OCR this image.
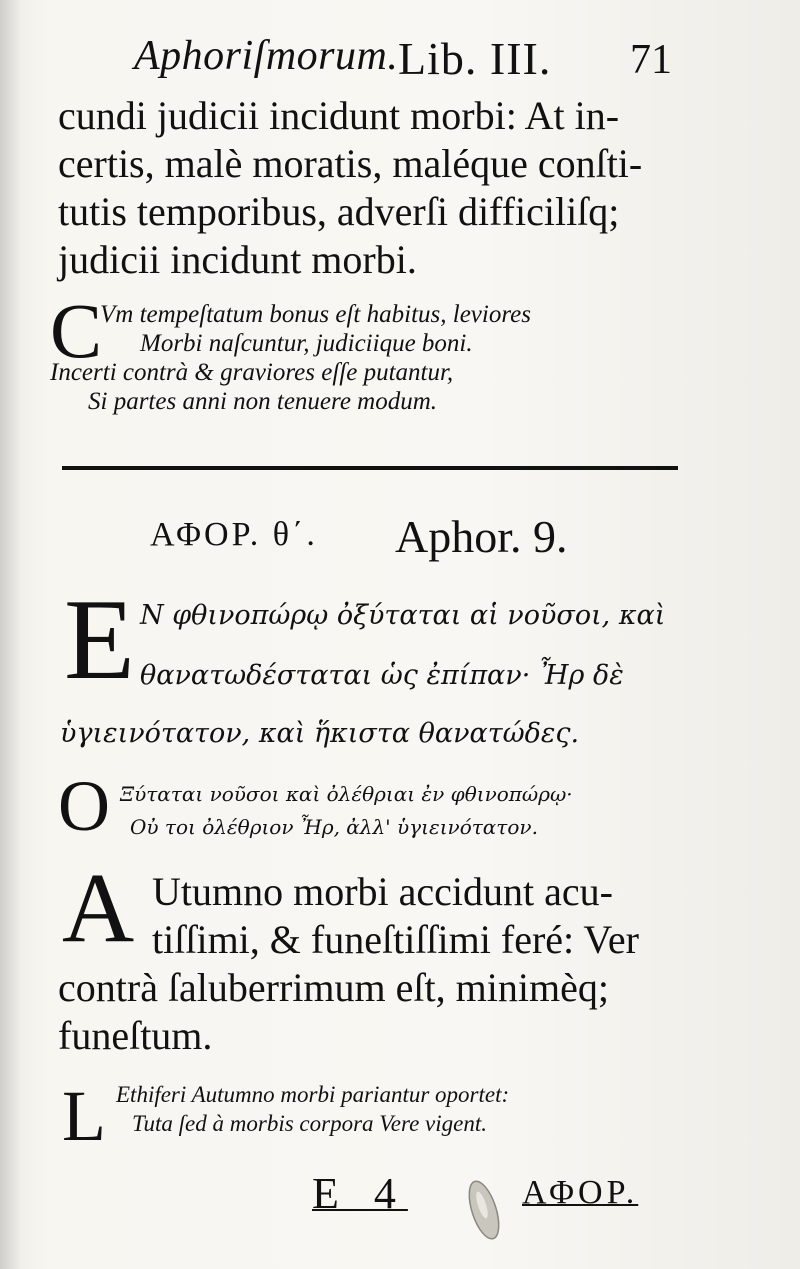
Aphoriſmorum. Lib. III. 71
cundi judicii incidunt morbi: At in-
certis, malè moratis, maléque conſti-
tutis temporibus, adverſi difficiliſq;
judicii incidunt morbi.
C
Vm tempeſtatum bonus eſt habitus, leviores
Morbi naſcuntur, judiciique boni.
Incerti contrà & graviores eſſe putantur,
Si partes anni non tenuere modum.
ΑΦΟΡ. θ΄. Aphor. 9.
E Ν φθινοπώρῳ ὀξύταται αἱ νοῦσοι, καὶ
θανατωδέσταται ὡς ἐπίπαν· Ἦρ δὲ
ὑγιεινότατον, καὶ ἥκιστα θανατώδες.
O Ξύταται νοῦσοι καὶ ὀλέθριαι ἐν φθινοπώρῳ·
Οὐ τοι ὀλέθριον Ἦρ, ἀλλ' ὑγιεινότατον.
A Utumno morbi accidunt acu-
tiſſimi, & funeſtiſſimi feré: Ver
contrà ſaluberrimum eſt, minimèq;
funeſtum.
L Ethiferi Autumno morbi pariantur oportet:
Tuta ſed à morbis corpora Vere vigent.
E 4	ΑΦΟΡ.
